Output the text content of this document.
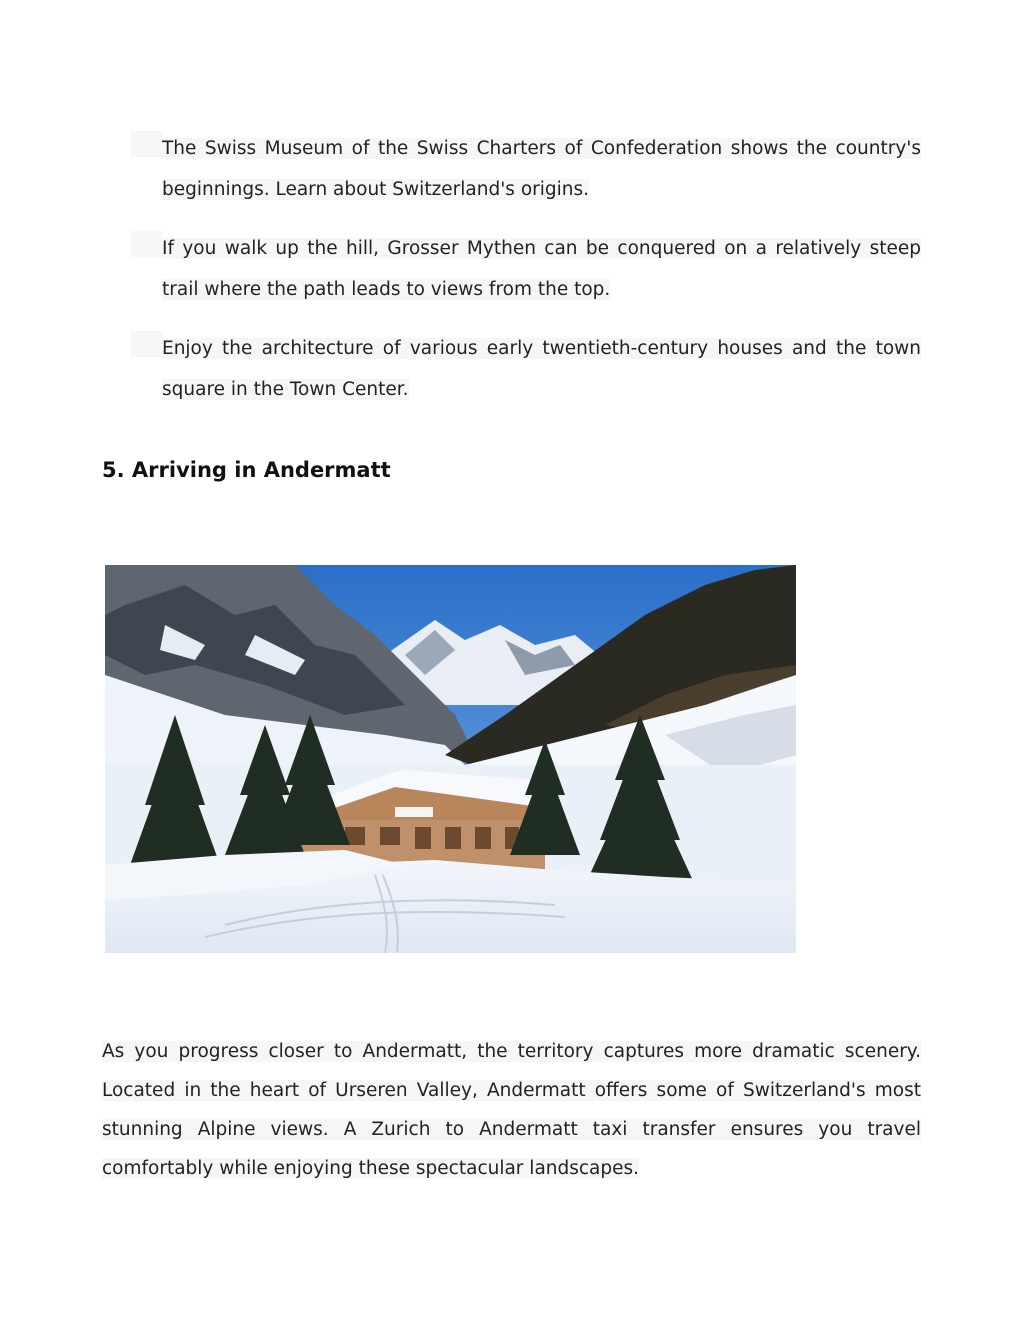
The Swiss Museum of the Swiss Charters of Confederation shows the country's beginnings. Learn about Switzerland's origins.
If you walk up the hill, Grosser Mythen can be conquered on a relatively steep trail where the path leads to views from the top.
Enjoy the architecture of various early twentieth-century houses and the town square in the Town Center.
5. Arriving in Andermatt

As you progress closer to Andermatt, the territory captures more dramatic scenery. Located in the heart of Urseren Valley, Andermatt offers some of Switzerland's most stunning Alpine views. A Zurich to Andermatt taxi transfer ensures you travel comfortably while enjoying these spectacular landscapes.
